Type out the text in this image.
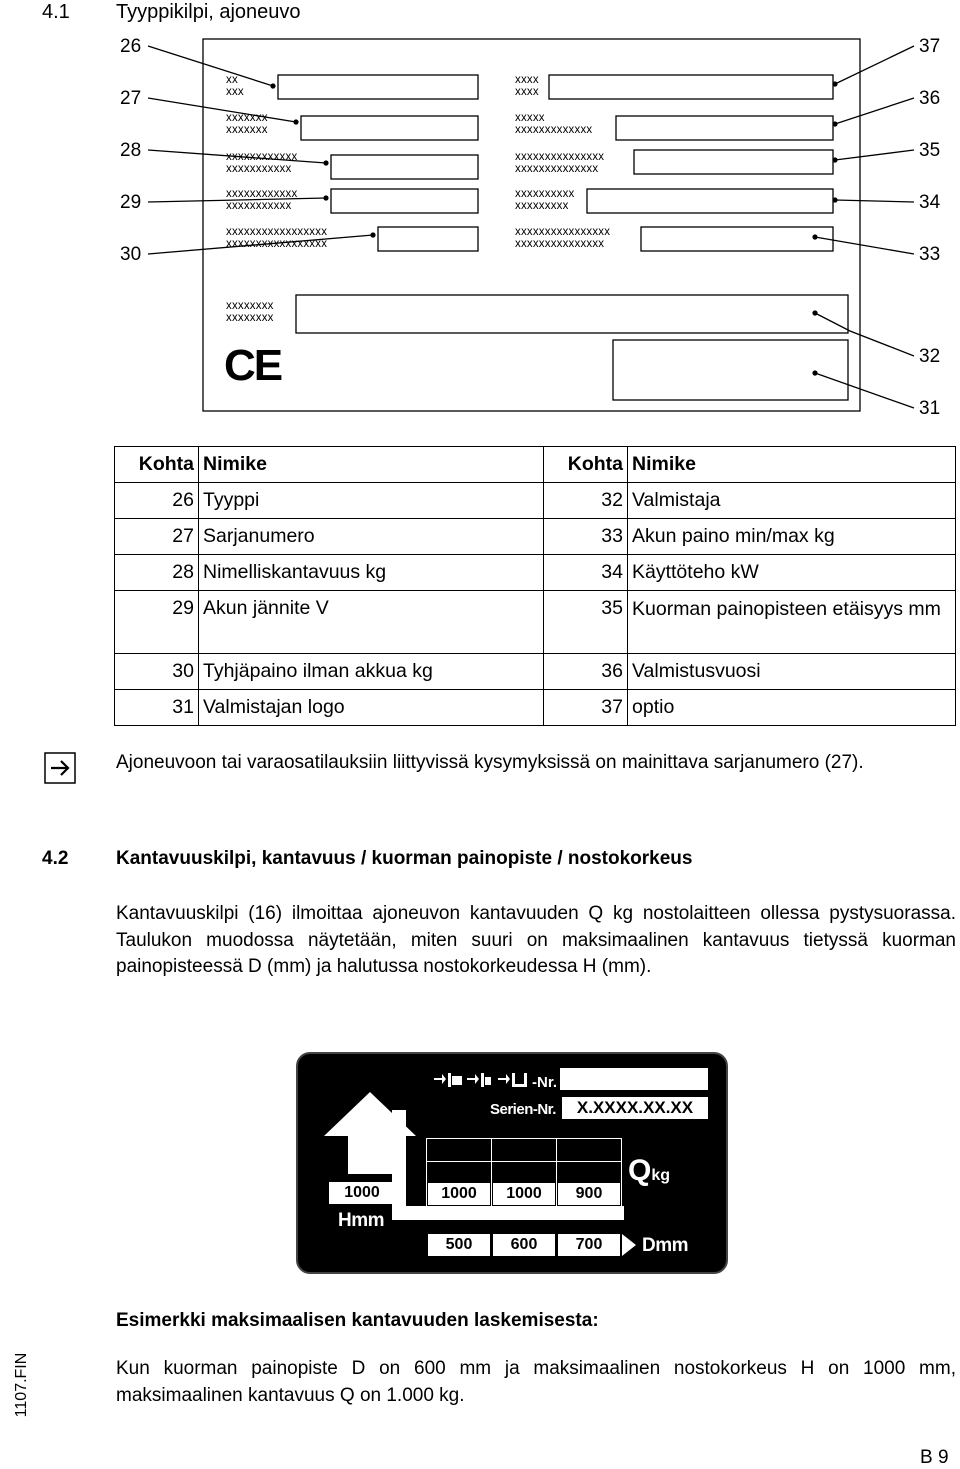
4.1 Tyyppikilpi, ajoneuvo
26
27
28
29
30
37
36
35
34
33
32
31
xx
xxx
xxxxxxx
xxxxxxx
xxxxxxxxxxxx
xxxxxxxxxxx
xxxxxxxxxxxx
xxxxxxxxxxx
xxxxxxxxxxxxxxxxx
xxxxxxxxxxxxxxxxx
xxxx
xxxx
xxxxx
xxxxxxxxxxxxx
xxxxxxxxxxxxxxx
xxxxxxxxxxxxxx
xxxxxxxxxx
xxxxxxxxx
xxxxxxxxxxxxxxxx
xxxxxxxxxxxxxxx
xxxxxxxx
xxxxxxxx
CE
Kohta	Nimike	Kohta	Nimike
26	Tyyppi	32	Valmistaja
27	Sarjanumero	33	Akun paino min/max kg
28	Nimelliskantavuus kg	34	Käyttöteho kW
29	Akun jännite V	35	Kuorman painopisteen etäisyys mm
30	Tyhjäpaino ilman akkua kg	36	Valmistusvuosi
31	Valmistajan logo	37	optio
Ajoneuvoon tai varaosatilauksiin liittyvissä kysymyksissä on mainittava sarjanumero (27).
4.2	Kantavuuskilpi, kantavuus / kuorman painopiste / nostokorkeus
Kantavuuskilpi (16) ilmoittaa ajoneuvon kantavuuden Q kg nostolaitteen ollessa pystysuorassa. Taulukon muodossa näytetään, miten suuri on maksimaalinen kantavuus tietyssä kuorman painopisteessä D (mm) ja halutussa nostokorkeudessa H (mm).
-Nr.
Serien-Nr.	X.XXXX.XX.XX
1000
Hmm
1000	1000	900
Qkg
500	600	700	Dmm
Esimerkki maksimaalisen kantavuuden laskemisesta:
Kun kuorman painopiste D on 600 mm ja maksimaalinen nostokorkeus H on 1000 mm, maksimaalinen kantavuus Q on 1.000 kg.
1107.FIN
B 9
